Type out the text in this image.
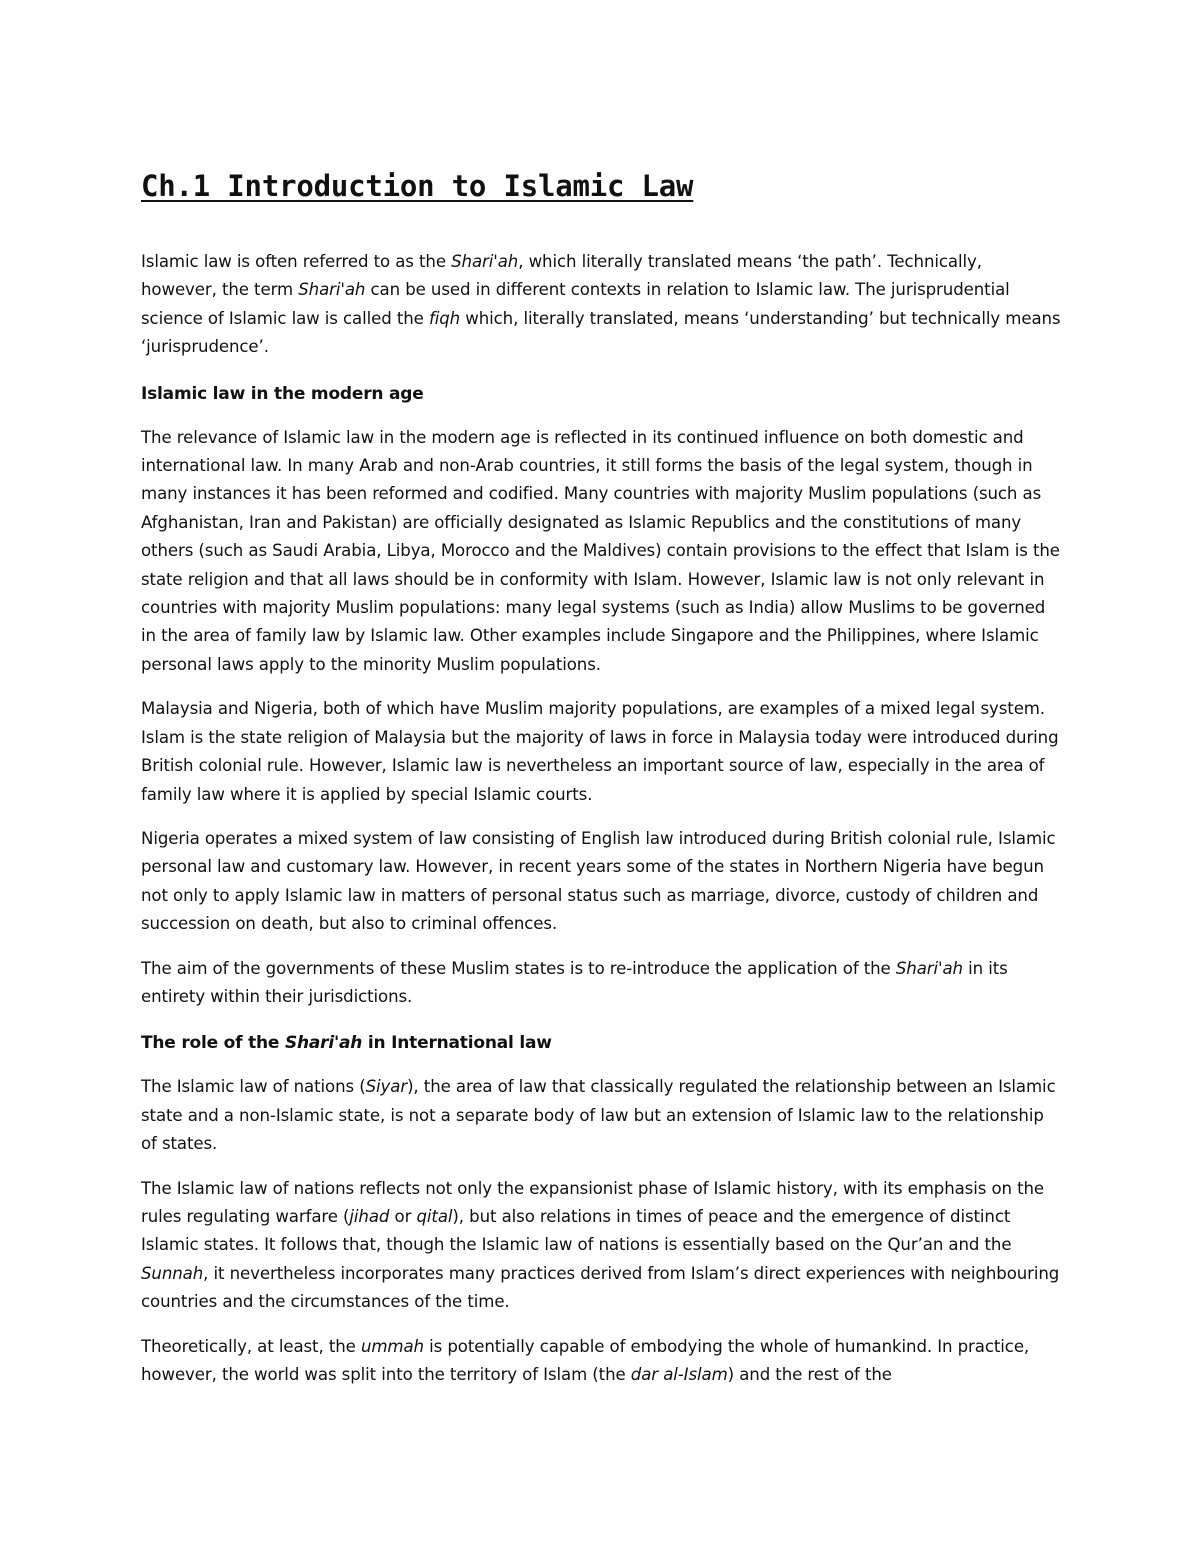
Ch.1 Introduction to Islamic Law

Islamic law is often referred to as the Shari'ah, which literally translated means ‘the path’. Technically, however, the term Shari'ah can be used in different contexts in relation to Islamic law. The jurisprudential science of Islamic law is called the fiqh which, literally translated, means ‘understanding’ but technically means ‘jurisprudence’.

Islamic law in the modern age

The relevance of Islamic law in the modern age is reflected in its continued influence on both domestic and international law. In many Arab and non-Arab countries, it still forms the basis of the legal system, though in many instances it has been reformed and codified. Many countries with majority Muslim populations (such as Afghanistan, Iran and Pakistan) are officially designated as Islamic Republics and the constitutions of many others (such as Saudi Arabia, Libya, Morocco and the Maldives) contain provisions to the effect that Islam is the state religion and that all laws should be in conformity with Islam. However, Islamic law is not only relevant in countries with majority Muslim populations: many legal systems (such as India) allow Muslims to be governed in the area of family law by Islamic law. Other examples include Singapore and the Philippines, where Islamic personal laws apply to the minority Muslim populations.

Malaysia and Nigeria, both of which have Muslim majority populations, are examples of a mixed legal system. Islam is the state religion of Malaysia but the majority of laws in force in Malaysia today were introduced during British colonial rule. However, Islamic law is nevertheless an important source of law, especially in the area of family law where it is applied by special Islamic courts.

Nigeria operates a mixed system of law consisting of English law introduced during British colonial rule, Islamic personal law and customary law. However, in recent years some of the states in Northern Nigeria have begun not only to apply Islamic law in matters of personal status such as marriage, divorce, custody of children and succession on death, but also to criminal offences.

The aim of the governments of these Muslim states is to re-introduce the application of the Shari'ah in its entirety within their jurisdictions.

The role of the Shari'ah in International law

The Islamic law of nations (Siyar), the area of law that classically regulated the relationship between an Islamic state and a non-Islamic state, is not a separate body of law but an extension of Islamic law to the relationship of states.

The Islamic law of nations reflects not only the expansionist phase of Islamic history, with its emphasis on the rules regulating warfare (jihad or qital), but also relations in times of peace and the emergence of distinct Islamic states. It follows that, though the Islamic law of nations is essentially based on the Qur’an and the Sunnah, it nevertheless incorporates many practices derived from Islam’s direct experiences with neighbouring countries and the circumstances of the time.

Theoretically, at least, the ummah is potentially capable of embodying the whole of humankind. In practice, however, the world was split into the territory of Islam (the dar al-Islam) and the rest of the
